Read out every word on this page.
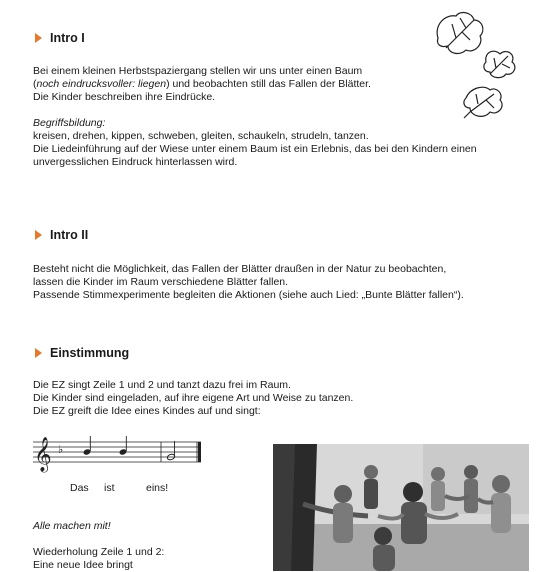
Intro I
Bei einem kleinen Herbstspaziergang stellen wir uns unter einen Baum
(noch eindrucksvoller: liegen) und beobachten still das Fallen der Blätter.
Die Kinder beschreiben ihre Eindrücke.
Begriffsbildung:
kreisen, drehen, kippen, schweben, gleiten, schaukeln, strudeln, tanzen.
Die Liedeinführung auf der Wiese unter einem Baum ist ein Erlebnis, das bei den Kindern einen
unvergesslichen Eindruck hinterlassen wird.
Intro II
Besteht nicht die Möglichkeit, das Fallen der Blätter draußen in der Natur zu beobachten,
lassen die Kinder im Raum verschiedene Blätter fallen.
Passende Stimmexperimente begleiten die Aktionen (siehe auch Lied: „Bunte Blätter fallen“).
Einstimmung
Die EZ singt Zeile 1 und 2 und tanzt dazu frei im Raum.
Die Kinder sind eingeladen, auf ihre eigene Art und Weise zu tanzen.
Die EZ greift die Idee eines Kindes auf und singt:
𝄞 ♭
Das ist	eins!
Alle machen mit!
Wiederholung Zeile 1 und 2:
Eine neue Idee bringt
